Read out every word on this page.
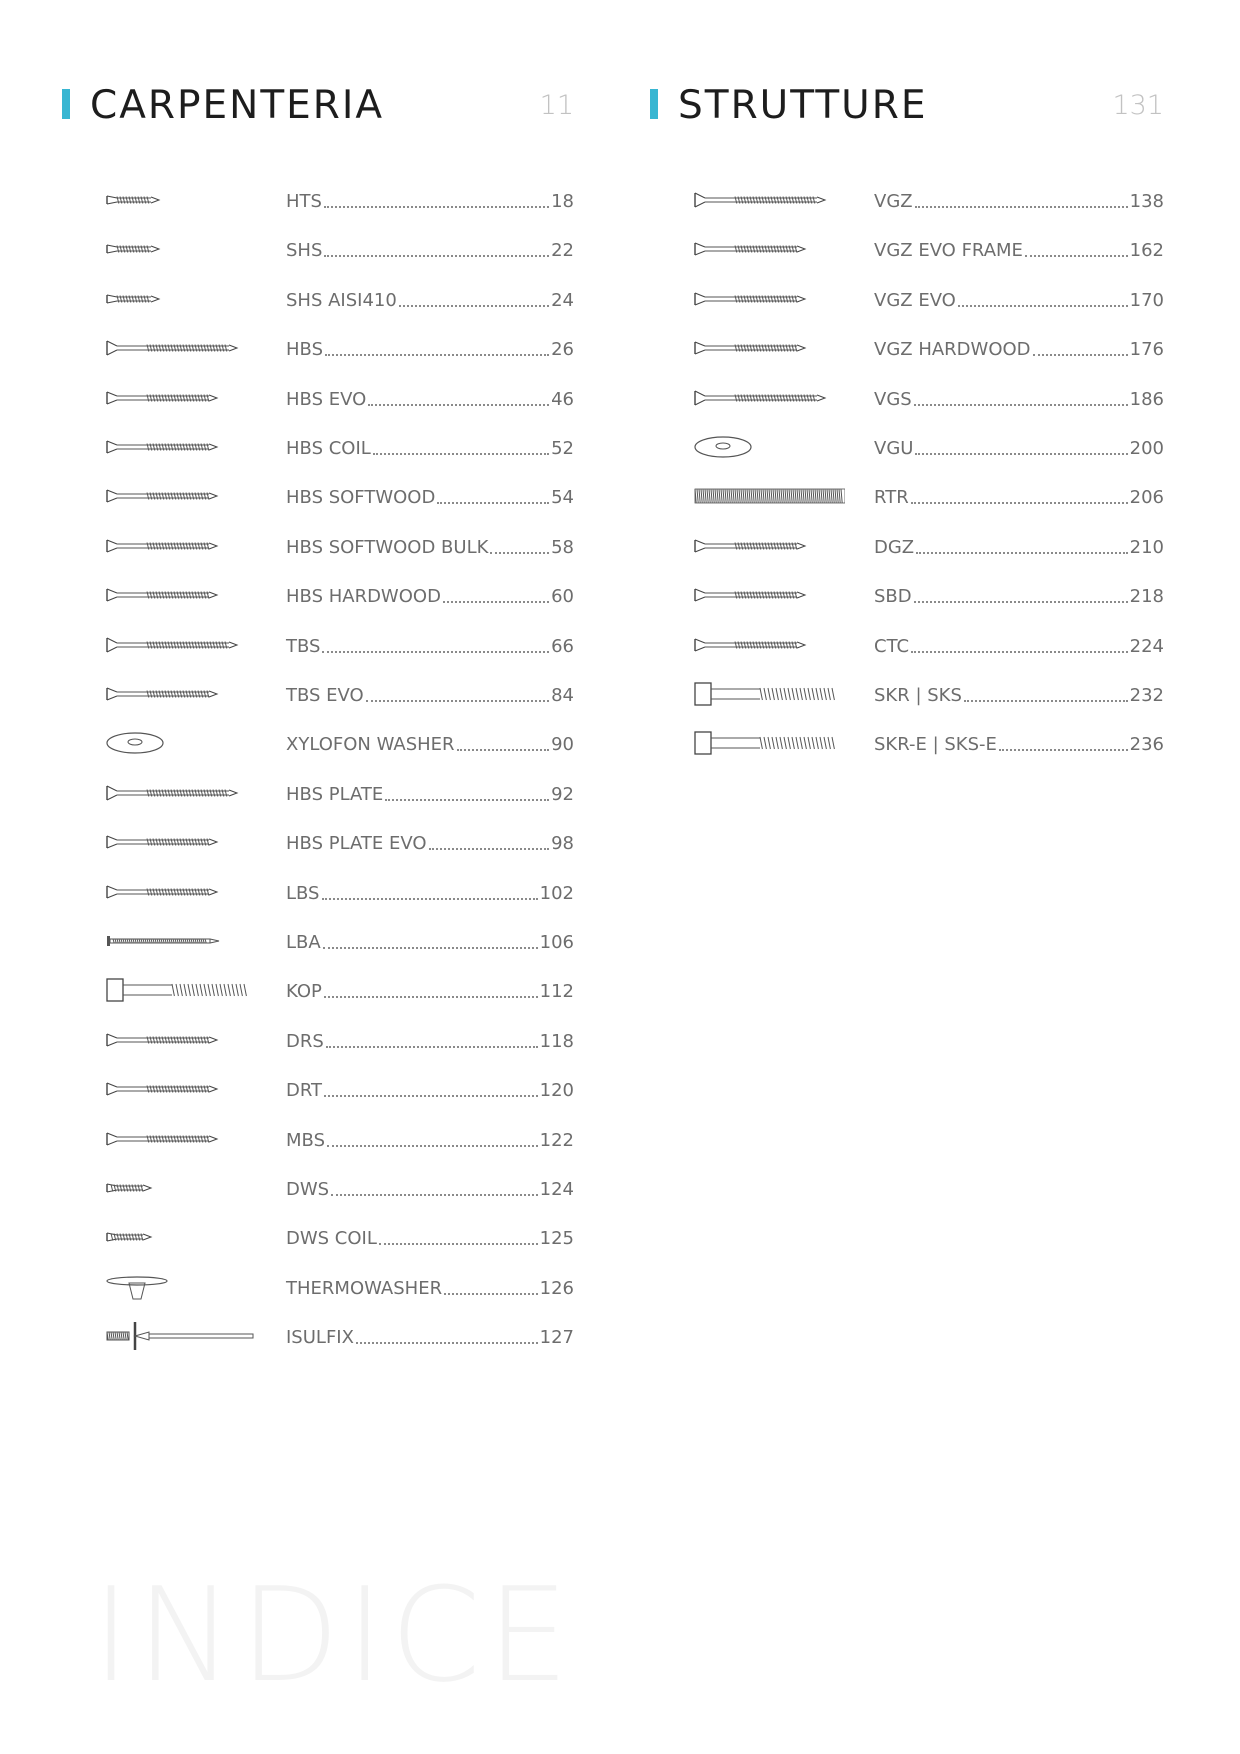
CARPENTERIA	11
HTS	18
SHS	22
SHS AISI410	24
HBS	26
HBS EVO	46
HBS COIL	52
HBS SOFTWOOD	54
HBS SOFTWOOD BULK	58
HBS HARDWOOD	60
TBS	66
TBS EVO	84
XYLOFON WASHER	90
HBS PLATE	92
HBS PLATE EVO	98
LBS	102
LBA	106
KOP	112
DRS	118
DRT	120
MBS	122
DWS	124
DWS COIL	125
THERMOWASHER	126
ISULFIX	127
STRUTTURE	131
VGZ	138
VGZ EVO FRAME	162
VGZ EVO	170
VGZ HARDWOOD	176
VGS	186
VGU	200
RTR	206
DGZ	210
SBD	218
CTC	224
SKR | SKS	232
SKR-E | SKS-E	236
INDICE
